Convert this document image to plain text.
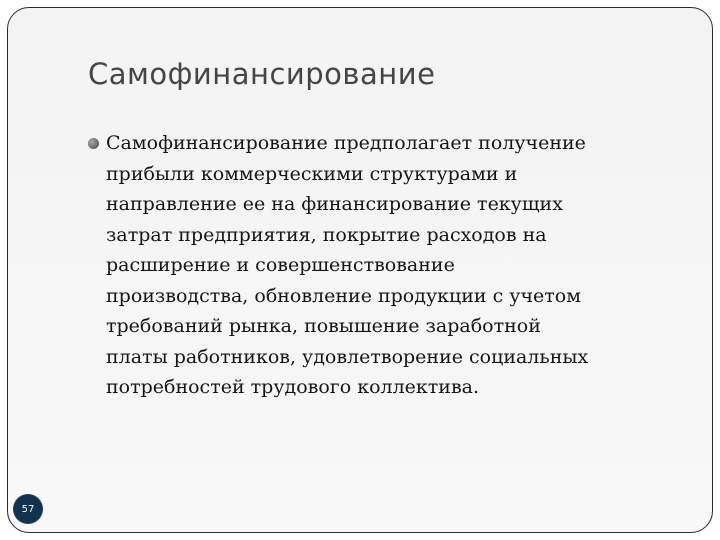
Самофинансирование
Самофинансирование предполагает получение
прибыли коммерческими структурами и
направление ее на финансирование текущих
затрат предприятия, покрытие расходов на
расширение и совершенствование
производства, обновление продукции с учетом
требований рынка, повышение заработной
платы работников, удовлетворение социальных
потребностей трудового коллектива.
57
